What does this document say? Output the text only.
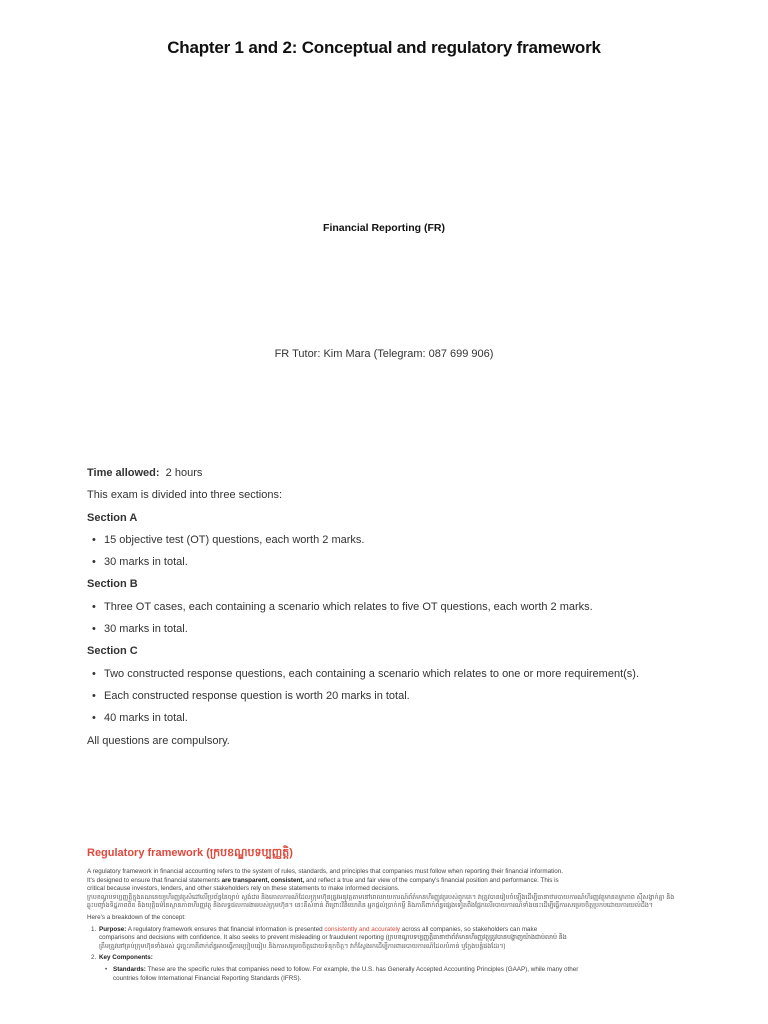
Chapter 1 and 2: Conceptual and regulatory framework
Financial Reporting (FR)
FR Tutor: Kim Mara (Telegram: 087 699 906)
Time allowed: 2 hours
This exam is divided into three sections:
Section A
• 15 objective test (OT) questions, each worth 2 marks.
• 30 marks in total.
Section B
• Three OT cases, each containing a scenario which relates to five OT questions, each worth 2 marks.
• 30 marks in total.
Section C
• Two constructed response questions, each containing a scenario which relates to one or more requirement(s).
• Each constructed response question is worth 20 marks in total.
• 40 marks in total.
All questions are compulsory.
Regulatory framework (ក្របខណ្ឌបទប្បញ្ញត្តិ)
A regulatory framework in financial accounting refers to the system of rules, standards, and principles that companies must follow when reporting their financial information.
It's designed to ensure that financial statements are transparent, consistent, and reflect a true and fair view of the company's financial position and performance. This is
critical because investors, lenders, and other stakeholders rely on these statements to make informed decisions.
ក្របខណ្ឌបទប្បញ្ញត្តិក្នុងគណនេយ្យហិរញ្ញវត្ថុសំដៅលើប្រព័ន្ធនៃច្បាប់ ស្តង់ដារ និងគោលការណ៍ដែលក្រុមហ៊ុនត្រូវអនុវត្តតាមនៅពេលរាយការណ៍ព័ត៌មានហិរញ្ញវត្ថុរបស់ពួកគេ។ វាត្រូវបានរៀបចំឡើងដើម្បីធានាថារបាយការណ៍ហិរញ្ញវត្ថុមានតម្លាភាព ស៊ីសង្វាក់គ្នា និងឆ្លុះបញ្ចាំងទិដ្ឋភាពពិត និងយុត្តិធម៌នៃស្ថានភាពហិរញ្ញវត្ថុ និងលទ្ធផលការងាររបស់ក្រុមហ៊ុន។ នេះគឺសំខាន់ ពីព្រោះវិនិយោគិន អ្នកផ្តល់ប្រាក់កម្ចី និងភាគីពាក់ព័ន្ធផ្សេងទៀតពឹងផ្អែកលើរបាយការណ៍ទាំងនេះដើម្បីធ្វើការសម្រេចចិត្តប្រកបដោយការយល់ដឹង។
Here's a breakdown of the concept:
1. Purpose: A regulatory framework ensures that financial information is presented consistently and accurately across all companies, so stakeholders can make
comparisons and decisions with confidence. It also seeks to prevent misleading or fraudulent reporting (ក្របខណ្ឌបទប្បញ្ញត្តិធានាថាព័ត៌មានហិរញ្ញវត្ថុត្រូវបានបង្ហាញយ៉ាងជាប់លាប់ និង
ត្រឹមត្រូវនៅគ្រប់ក្រុមហ៊ុនទាំងអស់ ដូច្នេះភាគីពាក់ព័ន្ធអាចធ្វើការប្រៀបធៀប និងការសម្រេចចិត្តដោយទំនុកចិត្ត។ វាក៏ស្វែងរកដើម្បីការពាររបាយការណ៍ដែលបំភាន់ ឬក្លែងបន្លំផងដែរ។)
2. Key Components:
• Standards: These are the specific rules that companies need to follow. For example, the U.S. has Generally Accepted Accounting Principles (GAAP), while many other
countries follow International Financial Reporting Standards (IFRS).
